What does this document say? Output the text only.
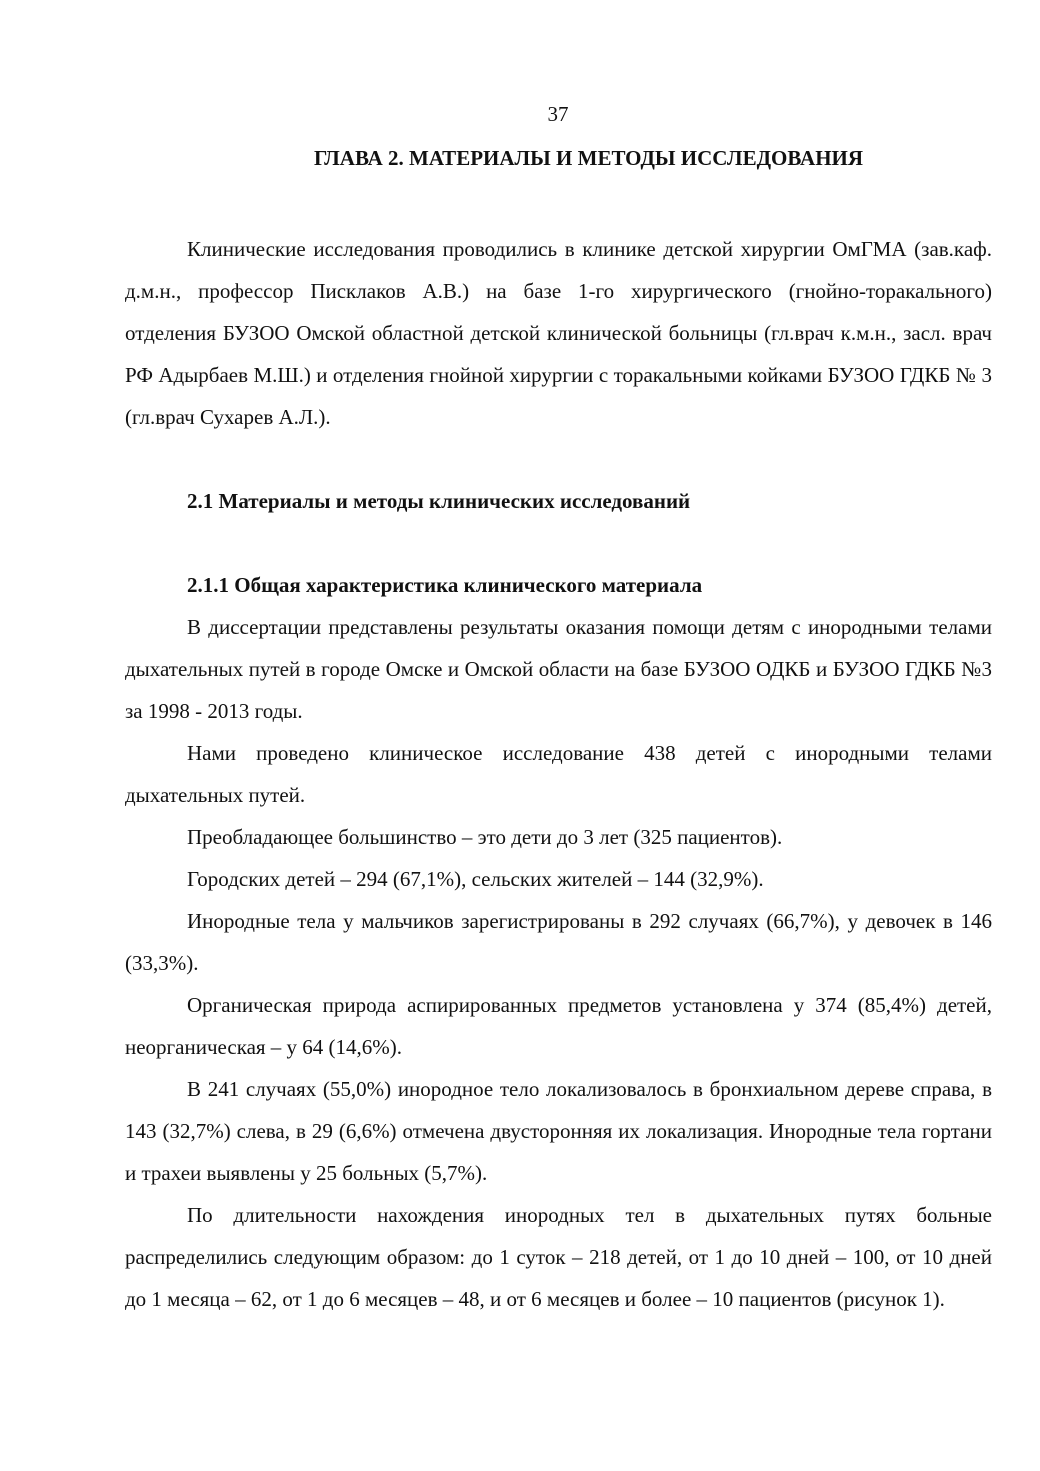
37
ГЛАВА 2. МАТЕРИАЛЫ И МЕТОДЫ ИССЛЕДОВАНИЯ

Клинические исследования проводились в клинике детской хирургии ОмГМА (зав.каф. д.м.н., профессор Писклаков А.В.) на базе 1-го хирургического (гнойно-торакального) отделения БУЗОО Омской областной детской клинической больницы (гл.врач к.м.н., засл. врач РФ Адырбаев М.Ш.) и отделения гнойной хирургии с торакальными койками БУЗОО ГДКБ № 3 (гл.врач Сухарев А.Л.).

2.1 Материалы и методы клинических исследований
2.1.1 Общая характеристика клинического материала

В диссертации представлены результаты оказания помощи детям с инородными телами дыхательных путей в городе Омске и Омской области на базе БУЗОО ОДКБ и БУЗОО ГДКБ №3 за 1998 - 2013 годы.

Нами проведено клиническое исследование 438 детей с инородными телами дыхательных путей.

Преобладающее большинство – это дети до 3 лет (325 пациентов).

Городских детей – 294 (67,1%), сельских жителей – 144 (32,9%).

Инородные тела у мальчиков зарегистрированы в 292 случаях (66,7%), у девочек в 146 (33,3%).

Органическая природа аспирированных предметов установлена у 374 (85,4%) детей, неорганическая – у 64 (14,6%).

В 241 случаях (55,0%) инородное тело локализовалось в бронхиальном дереве справа, в 143 (32,7%) слева, в 29 (6,6%) отмечена двусторонняя их локализация. Инородные тела гортани и трахеи выявлены у 25 больных (5,7%).

По длительности нахождения инородных тел в дыхательных путях больные распределились следующим образом: до 1 суток – 218 детей, от 1 до 10 дней – 100, от 10 дней до 1 месяца – 62, от 1 до 6 месяцев – 48, и от 6 месяцев и более – 10 пациентов (рисунок 1).
